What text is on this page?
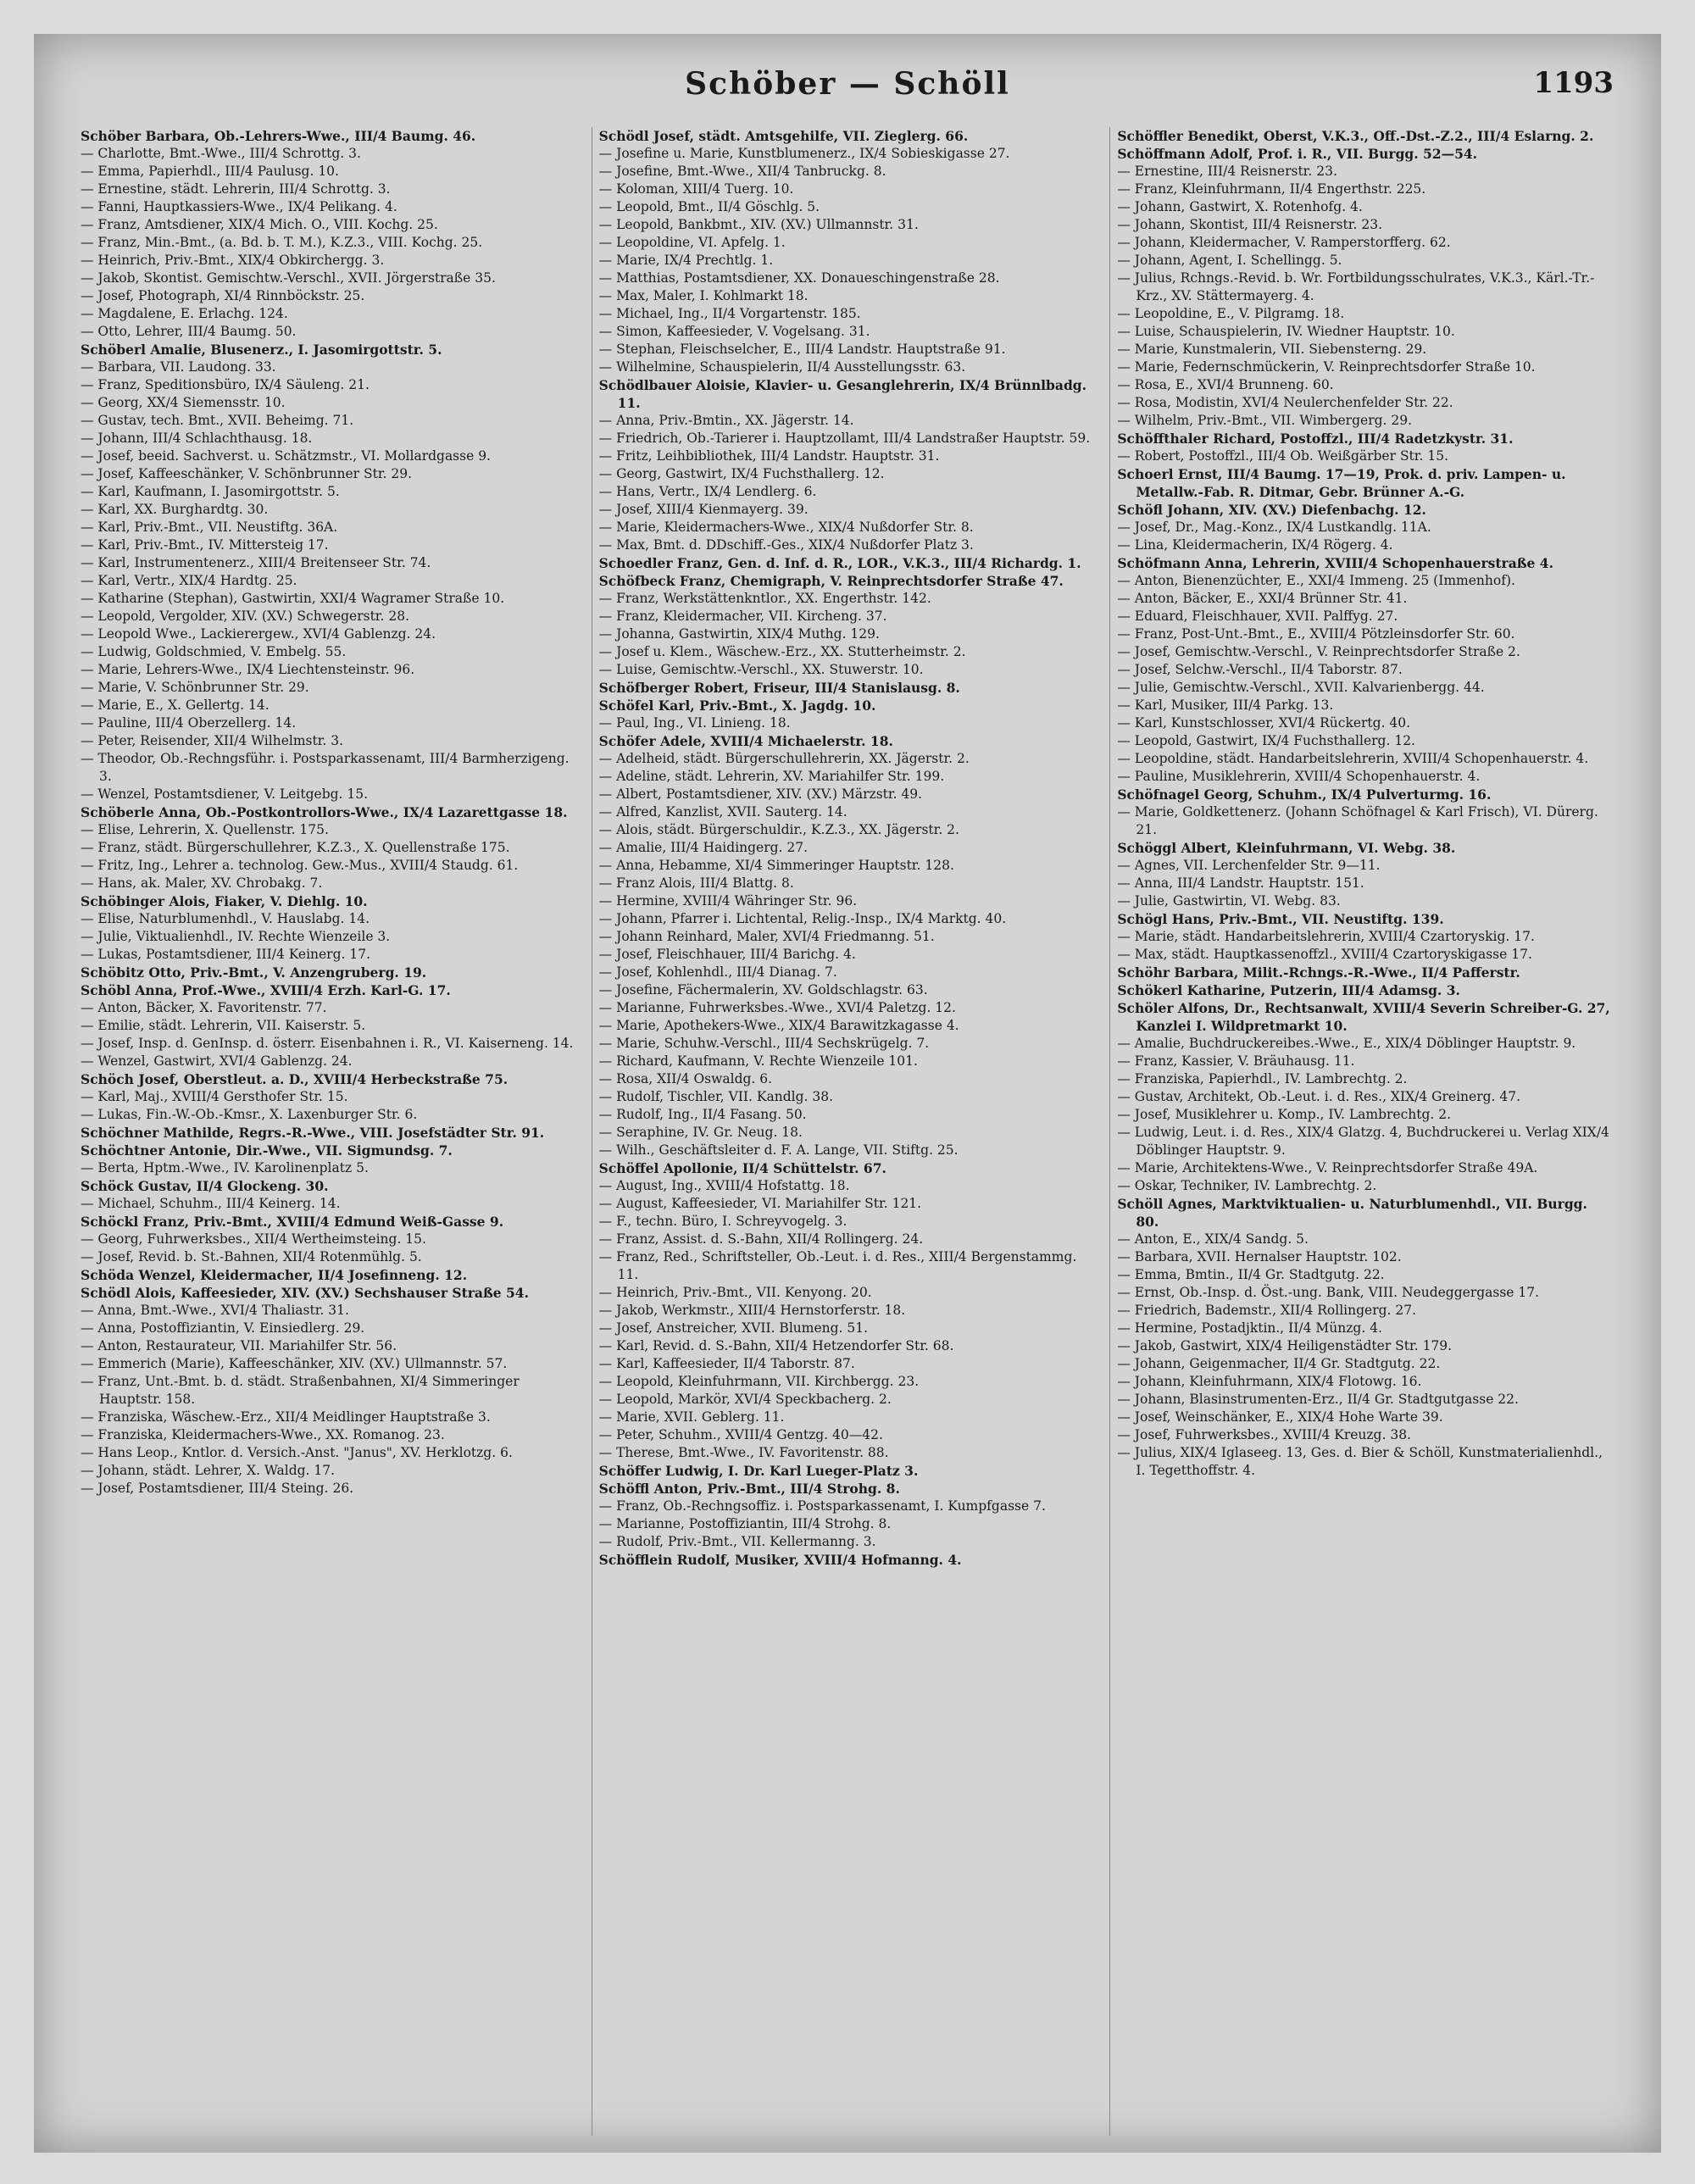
Schöber — Schöll	1193

Schöber Barbara, Ob.-Lehrers-Wwe., III/4 Baumg. 46.

— Charlotte, Bmt.-Wwe., III/4 Schrottg. 3.

— Emma, Papierhdl., III/4 Paulusg. 10.

— Ernestine, städt. Lehrerin, III/4 Schrottg. 3.

— Fanni, Hauptkassiers-Wwe., IX/4 Pelikang. 4.

— Franz, Amtsdiener, XIX/4 Mich. O., VIII. Kochg. 25.

— Franz, Min.-Bmt., (a. Bd. b. T. M.), K.Z.3., VIII. Kochg. 25.

— Heinrich, Priv.-Bmt., XIX/4 Obkirchergg. 3.

— Jakob, Skontist. Gemischtw.-Verschl., XVII. Jörgerstraße 35.

— Josef, Photograph, XI/4 Rinnböckstr. 25.

— Magdalene, E. Erlachg. 124.

— Otto, Lehrer, III/4 Baumg. 50.

Schöberl Amalie, Blusenerz., I. Jasomirgottstr. 5.

— Barbara, VII. Laudong. 33.

— Franz, Speditionsbüro, IX/4 Säuleng. 21.

— Georg, XX/4 Siemensstr. 10.

— Gustav, tech. Bmt., XVII. Beheimg. 71.

— Johann, III/4 Schlachthausg. 18.

— Josef, beeid. Sachverst. u. Schätzmstr., VI. Mollardgasse 9.

— Josef, Kaffeeschänker, V. Schönbrunner Str. 29.

— Karl, Kaufmann, I. Jasomirgottstr. 5.

— Karl, XX. Burghardtg. 30.

— Karl, Priv.-Bmt., VII. Neustiftg. 36A.

— Karl, Priv.-Bmt., IV. Mittersteig 17.

— Karl, Instrumentenerz., XIII/4 Breitenseer Str. 74.

— Karl, Vertr., XIX/4 Hardtg. 25.

— Katharine (Stephan), Gastwirtin, XXI/4 Wagramer Straße 10.

— Leopold, Vergolder, XIV. (XV.) Schwegerstr. 28.

— Leopold Wwe., Lackierergew., XVI/4 Gablenzg. 24.

— Ludwig, Goldschmied, V. Embelg. 55.

— Marie, Lehrers-Wwe., IX/4 Liechtensteinstr. 96.

— Marie, V. Schönbrunner Str. 29.

— Marie, E., X. Gellertg. 14.

— Pauline, III/4 Oberzellerg. 14.

— Peter, Reisender, XII/4 Wilhelmstr. 3.

— Theodor, Ob.-Rechngsführ. i. Postsparkassenamt, III/4 Barmherzigeng. 3.

— Wenzel, Postamtsdiener, V. Leitgebg. 15.

Schöberle Anna, Ob.-Postkontrollors-Wwe., IX/4 Lazarettgasse 18.

— Elise, Lehrerin, X. Quellenstr. 175.

— Franz, städt. Bürgerschullehrer, K.Z.3., X. Quellenstraße 175.

— Fritz, Ing., Lehrer a. technolog. Gew.-Mus., XVIII/4 Staudg. 61.

— Hans, ak. Maler, XV. Chrobakg. 7.

Schöbinger Alois, Fiaker, V. Diehlg. 10.

— Elise, Naturblumenhdl., V. Hauslabg. 14.

— Julie, Viktualienhdl., IV. Rechte Wienzeile 3.

— Lukas, Postamtsdiener, III/4 Keinerg. 17.

Schöbitz Otto, Priv.-Bmt., V. Anzengruberg. 19.

Schöbl Anna, Prof.-Wwe., XVIII/4 Erzh. Karl-G. 17.

— Anton, Bäcker, X. Favoritenstr. 77.

— Emilie, städt. Lehrerin, VII. Kaiserstr. 5.

— Josef, Insp. d. GenInsp. d. österr. Eisenbahnen i. R., VI. Kaiserneng. 14.

— Wenzel, Gastwirt, XVI/4 Gablenzg. 24.

Schöch Josef, Oberstleut. a. D., XVIII/4 Herbeckstraße 75.

— Karl, Maj., XVIII/4 Gersthofer Str. 15.

— Lukas, Fin.-W.-Ob.-Kmsr., X. Laxenburger Str. 6.

Schöchner Mathilde, Regrs.-R.-Wwe., VIII. Josefstädter Str. 91.

Schöchtner Antonie, Dir.-Wwe., VII. Sigmundsg. 7.

— Berta, Hptm.-Wwe., IV. Karolinenplatz 5.

Schöck Gustav, II/4 Glockeng. 30.

— Michael, Schuhm., III/4 Keinerg. 14.

Schöckl Franz, Priv.-Bmt., XVIII/4 Edmund Weiß-Gasse 9.

— Georg, Fuhrwerksbes., XII/4 Wertheimsteing. 15.

— Josef, Revid. b. St.-Bahnen, XII/4 Rotenmühlg. 5.

Schöda Wenzel, Kleidermacher, II/4 Josefinneng. 12.

Schödl Alois, Kaffeesieder, XIV. (XV.) Sechshauser Straße 54.

— Anna, Bmt.-Wwe., XVI/4 Thaliastr. 31.

— Anna, Postoffiziantin, V. Einsiedlerg. 29.

— Anton, Restaurateur, VII. Mariahilfer Str. 56.

— Emmerich (Marie), Kaffeeschänker, XIV. (XV.) Ullmannstr. 57.

— Franz, Unt.-Bmt. b. d. städt. Straßenbahnen, XI/4 Simmeringer Hauptstr. 158.

— Franziska, Wäschew.-Erz., XII/4 Meidlinger Hauptstraße 3.

— Franziska, Kleidermachers-Wwe., XX. Romanog. 23.

— Hans Leop., Kntlor. d. Versich.-Anst. "Janus", XV. Herklotzg. 6.

— Johann, städt. Lehrer, X. Waldg. 17.

— Josef, Postamtsdiener, III/4 Steing. 26.

Schödl Josef, städt. Amtsgehilfe, VII. Zieglerg. 66.

— Josefine u. Marie, Kunstblumenerz., IX/4 Sobieskigasse 27.

— Josefine, Bmt.-Wwe., XII/4 Tanbruckg. 8.

— Koloman, XIII/4 Tuerg. 10.

— Leopold, Bmt., II/4 Göschlg. 5.

— Leopold, Bankbmt., XIV. (XV.) Ullmannstr. 31.

— Leopoldine, VI. Apfelg. 1.

— Marie, IX/4 Prechtlg. 1.

— Matthias, Postamtsdiener, XX. Donaueschingenstraße 28.

— Max, Maler, I. Kohlmarkt 18.

— Michael, Ing., II/4 Vorgartenstr. 185.

— Simon, Kaffeesieder, V. Vogelsang. 31.

— Stephan, Fleischselcher, E., III/4 Landstr. Hauptstraße 91.

— Wilhelmine, Schauspielerin, II/4 Ausstellungsstr. 63.

Schödlbauer Aloisie, Klavier- u. Gesanglehrerin, IX/4 Brünnlbadg. 11.

— Anna, Priv.-Bmtin., XX. Jägerstr. 14.

— Friedrich, Ob.-Tarierer i. Hauptzollamt, III/4 Landstraßer Hauptstr. 59.

— Fritz, Leihbibliothek, III/4 Landstr. Hauptstr. 31.

— Georg, Gastwirt, IX/4 Fuchsthallerg. 12.

— Hans, Vertr., IX/4 Lendlerg. 6.

— Josef, XIII/4 Kienmayerg. 39.

— Marie, Kleidermachers-Wwe., XIX/4 Nußdorfer Str. 8.

— Max, Bmt. d. DDschiff.-Ges., XIX/4 Nußdorfer Platz 3.

Schoedler Franz, Gen. d. Inf. d. R., LOR., V.K.3., III/4 Richardg. 1.

Schöfbeck Franz, Chemigraph, V. Reinprechtsdorfer Straße 47.

— Franz, Werkstättenkntlor., XX. Engerthstr. 142.

— Franz, Kleidermacher, VII. Kircheng. 37.

— Johanna, Gastwirtin, XIX/4 Muthg. 129.

— Josef u. Klem., Wäschew.-Erz., XX. Stutterheimstr. 2.

— Luise, Gemischtw.-Verschl., XX. Stuwerstr. 10.

Schöfberger Robert, Friseur, III/4 Stanislausg. 8.

Schöfel Karl, Priv.-Bmt., X. Jagdg. 10.

— Paul, Ing., VI. Linieng. 18.

Schöfer Adele, XVIII/4 Michaelerstr. 18.

— Adelheid, städt. Bürgerschullehrerin, XX. Jägerstr. 2.

— Adeline, städt. Lehrerin, XV. Mariahilfer Str. 199.

— Albert, Postamtsdiener, XIV. (XV.) Märzstr. 49.

— Alfred, Kanzlist, XVII. Sauterg. 14.

— Alois, städt. Bürgerschuldir., K.Z.3., XX. Jägerstr. 2.

— Amalie, III/4 Haidingerg. 27.

— Anna, Hebamme, XI/4 Simmeringer Hauptstr. 128.

— Franz Alois, III/4 Blattg. 8.

— Hermine, XVIII/4 Währinger Str. 96.

— Johann, Pfarrer i. Lichtental, Relig.-Insp., IX/4 Marktg. 40.

— Johann Reinhard, Maler, XVI/4 Friedmanng. 51.

— Josef, Fleischhauer, III/4 Barichg. 4.

— Josef, Kohlenhdl., III/4 Dianag. 7.

— Josefine, Fächermalerin, XV. Goldschlagstr. 63.

— Marianne, Fuhrwerksbes.-Wwe., XVI/4 Paletzg. 12.

— Marie, Apothekers-Wwe., XIX/4 Barawitzkagasse 4.

— Marie, Schuhw.-Verschl., III/4 Sechskrügelg. 7.

— Richard, Kaufmann, V. Rechte Wienzeile 101.

— Rosa, XII/4 Oswaldg. 6.

— Rudolf, Tischler, VII. Kandlg. 38.

— Rudolf, Ing., II/4 Fasang. 50.

— Seraphine, IV. Gr. Neug. 18.

— Wilh., Geschäftsleiter d. F. A. Lange, VII. Stiftg. 25.

Schöffel Apollonie, II/4 Schüttelstr. 67.

— August, Ing., XVIII/4 Hofstattg. 18.

— August, Kaffeesieder, VI. Mariahilfer Str. 121.

— F., techn. Büro, I. Schreyvogelg. 3.

— Franz, Assist. d. S.-Bahn, XII/4 Rollingerg. 24.

— Franz, Red., Schriftsteller, Ob.-Leut. i. d. Res., XIII/4 Bergenstammg. 11.

— Heinrich, Priv.-Bmt., VII. Kenyong. 20.

— Jakob, Werkmstr., XIII/4 Hernstorferstr. 18.

— Josef, Anstreicher, XVII. Blumeng. 51.

— Karl, Revid. d. S.-Bahn, XII/4 Hetzendorfer Str. 68.

— Karl, Kaffeesieder, II/4 Taborstr. 87.

— Leopold, Kleinfuhrmann, VII. Kirchbergg. 23.

— Leopold, Markör, XVI/4 Speckbacherg. 2.

— Marie, XVII. Geblerg. 11.

— Peter, Schuhm., XVIII/4 Gentzg. 40—42.

— Therese, Bmt.-Wwe., IV. Favoritenstr. 88.

Schöffer Ludwig, I. Dr. Karl Lueger-Platz 3.

Schöffl Anton, Priv.-Bmt., III/4 Strohg. 8.

— Franz, Ob.-Rechngsoffiz. i. Postsparkassenamt, I. Kumpfgasse 7.

— Marianne, Postoffiziantin, III/4 Strohg. 8.

— Rudolf, Priv.-Bmt., VII. Kellermanng. 3.

Schöfflein Rudolf, Musiker, XVIII/4 Hofmanng. 4.

Schöffler Benedikt, Oberst, V.K.3., Off.-Dst.-Z.2., III/4 Eslarng. 2.

Schöffmann Adolf, Prof. i. R., VII. Burgg. 52—54.

— Ernestine, III/4 Reisnerstr. 23.

— Franz, Kleinfuhrmann, II/4 Engerthstr. 225.

— Johann, Gastwirt, X. Rotenhofg. 4.

— Johann, Skontist, III/4 Reisnerstr. 23.

— Johann, Kleidermacher, V. Ramperstorfferg. 62.

— Johann, Agent, I. Schellingg. 5.

— Julius, Rchngs.-Revid. b. Wr. Fortbildungsschulrates, V.K.3., Kärl.-Tr.-Krz., XV. Stättermayerg. 4.

— Leopoldine, E., V. Pilgramg. 18.

— Luise, Schauspielerin, IV. Wiedner Hauptstr. 10.

— Marie, Kunstmalerin, VII. Siebensterng. 29.

— Marie, Federnschmückerin, V. Reinprechtsdorfer Straße 10.

— Rosa, E., XVI/4 Brunneng. 60.

— Rosa, Modistin, XVI/4 Neulerchenfelder Str. 22.

— Wilhelm, Priv.-Bmt., VII. Wimbergerg. 29.

Schöffthaler Richard, Postoffzl., III/4 Radetzkystr. 31.

— Robert, Postoffzl., III/4 Ob. Weißgärber Str. 15.

Schoerl Ernst, III/4 Baumg. 17—19, Prok. d. priv. Lampen- u. Metallw.-Fab. R. Ditmar, Gebr. Brünner A.-G.

Schöfl Johann, XIV. (XV.) Diefenbachg. 12.

— Josef, Dr., Mag.-Konz., IX/4 Lustkandlg. 11A.

— Lina, Kleidermacherin, IX/4 Rögerg. 4.

Schöfmann Anna, Lehrerin, XVIII/4 Schopenhauerstraße 4.

— Anton, Bienenzüchter, E., XXI/4 Immeng. 25 (Immenhof).

— Anton, Bäcker, E., XXI/4 Brünner Str. 41.

— Eduard, Fleischhauer, XVII. Palffyg. 27.

— Franz, Post-Unt.-Bmt., E., XVIII/4 Pötzleinsdorfer Str. 60.

— Josef, Gemischtw.-Verschl., V. Reinprechtsdorfer Straße 2.

— Josef, Selchw.-Verschl., II/4 Taborstr. 87.

— Julie, Gemischtw.-Verschl., XVII. Kalvarienbergg. 44.

— Karl, Musiker, III/4 Parkg. 13.

— Karl, Kunstschlosser, XVI/4 Rückertg. 40.

— Leopold, Gastwirt, IX/4 Fuchsthallerg. 12.

— Leopoldine, städt. Handarbeitslehrerin, XVIII/4 Schopenhauerstr. 4.

— Pauline, Musiklehrerin, XVIII/4 Schopenhauerstr. 4.

Schöfnagel Georg, Schuhm., IX/4 Pulverturmg. 16.

— Marie, Goldkettenerz. (Johann Schöfnagel & Karl Frisch), VI. Dürerg. 21.

Schöggl Albert, Kleinfuhrmann, VI. Webg. 38.

— Agnes, VII. Lerchenfelder Str. 9—11.

— Anna, III/4 Landstr. Hauptstr. 151.

— Julie, Gastwirtin, VI. Webg. 83.

Schögl Hans, Priv.-Bmt., VII. Neustiftg. 139.

— Marie, städt. Handarbeitslehrerin, XVIII/4 Czartoryskig. 17.

— Max, städt. Hauptkassenoffzl., XVIII/4 Czartoryskigasse 17.

Schöhr Barbara, Milit.-Rchngs.-R.-Wwe., II/4 Pafferstr.

Schökerl Katharine, Putzerin, III/4 Adamsg. 3.

Schöler Alfons, Dr., Rechtsanwalt, XVIII/4 Severin Schreiber-G. 27, Kanzlei I. Wildpretmarkt 10.

— Amalie, Buchdruckereibes.-Wwe., E., XIX/4 Döblinger Hauptstr. 9.

— Franz, Kassier, V. Bräuhausg. 11.

— Franziska, Papierhdl., IV. Lambrechtg. 2.

— Gustav, Architekt, Ob.-Leut. i. d. Res., XIX/4 Greinerg. 47.

— Josef, Musiklehrer u. Komp., IV. Lambrechtg. 2.

— Ludwig, Leut. i. d. Res., XIX/4 Glatzg. 4, Buchdruckerei u. Verlag XIX/4 Döblinger Hauptstr. 9.

— Marie, Architektens-Wwe., V. Reinprechtsdorfer Straße 49A.

— Oskar, Techniker, IV. Lambrechtg. 2.

Schöll Agnes, Marktviktualien- u. Naturblumenhdl., VII. Burgg. 80.

— Anton, E., XIX/4 Sandg. 5.

— Barbara, XVII. Hernalser Hauptstr. 102.

— Emma, Bmtin., II/4 Gr. Stadtgutg. 22.

— Ernst, Ob.-Insp. d. Öst.-ung. Bank, VIII. Neudeggergasse 17.

— Friedrich, Bademstr., XII/4 Rollingerg. 27.

— Hermine, Postadjktin., II/4 Münzg. 4.

— Jakob, Gastwirt, XIX/4 Heiligenstädter Str. 179.

— Johann, Geigenmacher, II/4 Gr. Stadtgutg. 22.

— Johann, Kleinfuhrmann, XIX/4 Flotowg. 16.

— Johann, Blasinstrumenten-Erz., II/4 Gr. Stadtgutgasse 22.

— Josef, Weinschänker, E., XIX/4 Hohe Warte 39.

— Josef, Fuhrwerksbes., XVIII/4 Kreuzg. 38.

— Julius, XIX/4 Iglaseeg. 13, Ges. d. Bier & Schöll, Kunstmaterialienhdl., I. Tegetthoffstr. 4.
